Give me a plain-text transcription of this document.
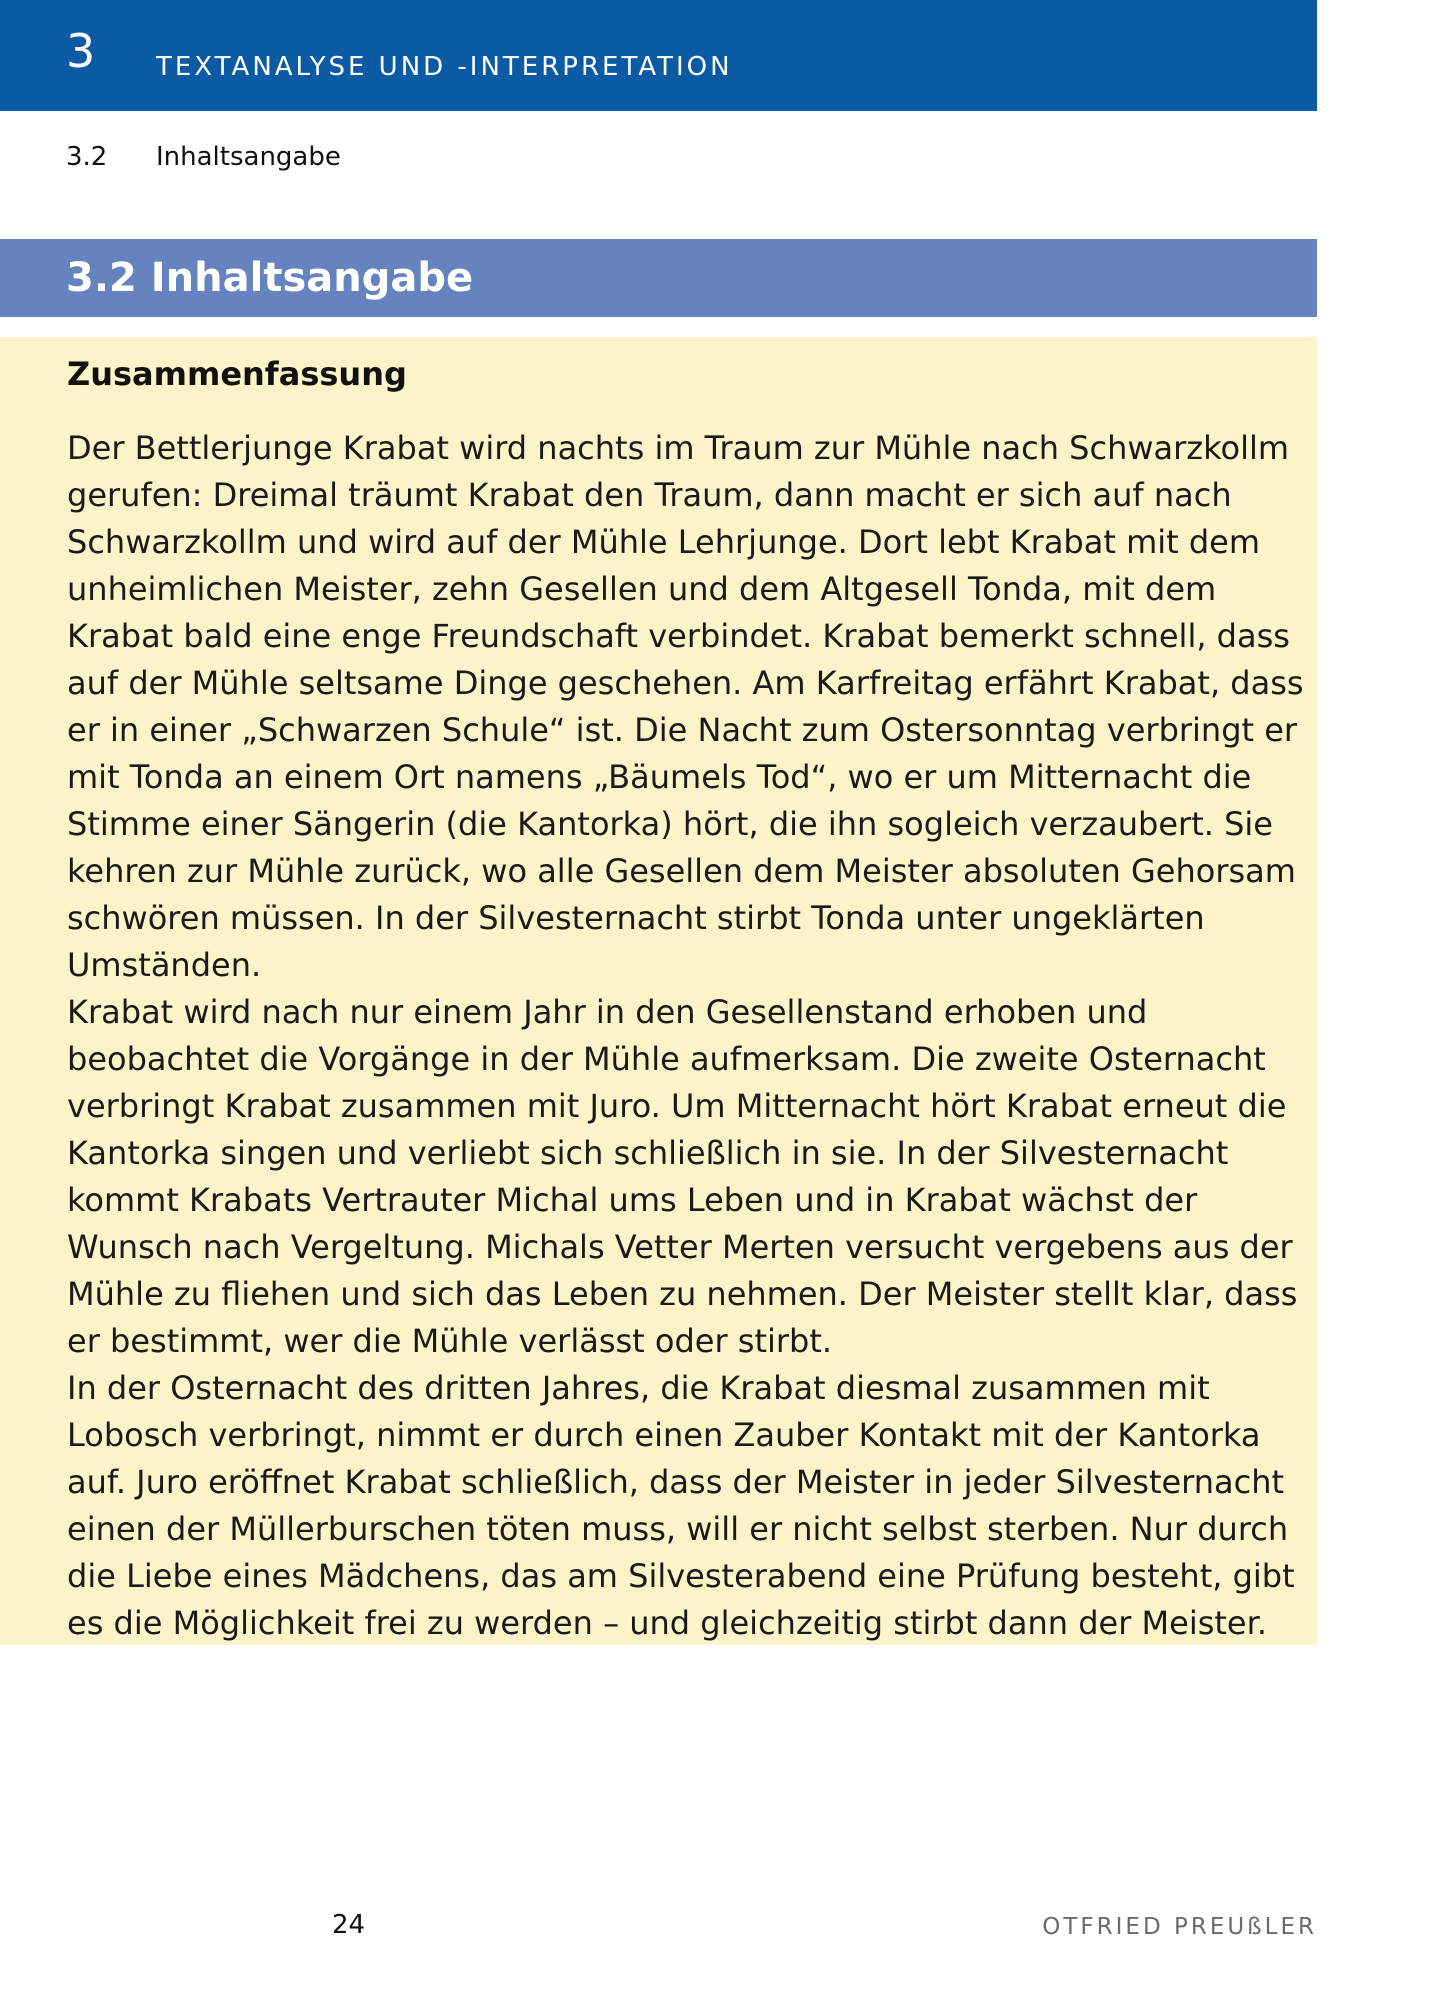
3 TEXTANALYSE UND -INTERPRETATION
3.2 Inhaltsangabe
3.2 Inhaltsangabe
Zusammenfassung

Der Bettlerjunge Krabat wird nachts im Traum zur Mühle nach Schwarzkollm gerufen: Dreimal träumt Krabat den Traum, dann macht er sich auf nach Schwarzkollm und wird auf der Mühle Lehrjunge. Dort lebt Krabat mit dem unheimlichen Meister, zehn Gesellen und dem Altgesell Tonda, mit dem Krabat bald eine enge Freundschaft verbindet. Krabat bemerkt schnell, dass auf der Mühle seltsame Dinge geschehen. Am Karfreitag erfährt Krabat, dass er in einer „Schwarzen Schule“ ist. Die Nacht zum Ostersonntag verbringt er mit Tonda an einem Ort namens „Bäumels Tod“, wo er um Mitternacht die Stimme einer Sängerin (die Kantorka) hört, die ihn sogleich verzaubert. Sie kehren zur Mühle zurück, wo alle Gesellen dem Meister absoluten Gehorsam schwören müssen. In der Silvesternacht stirbt Tonda unter ungeklärten Umständen.

Krabat wird nach nur einem Jahr in den Gesellenstand erhoben und beobachtet die Vorgänge in der Mühle aufmerksam. Die zweite Osternacht verbringt Krabat zusammen mit Juro. Um Mitternacht hört Krabat erneut die Kantorka singen und verliebt sich schließlich in sie. In der Silvesternacht kommt Krabats Vertrauter Michal ums Leben und in Krabat wächst der Wunsch nach Vergeltung. Michals Vetter Merten versucht vergebens aus der Mühle zu fliehen und sich das Leben zu nehmen. Der Meister stellt klar, dass er bestimmt, wer die Mühle verlässt oder stirbt.

In der Osternacht des dritten Jahres, die Krabat diesmal zusammen mit Lobosch verbringt, nimmt er durch einen Zauber Kontakt mit der Kantorka auf. Juro eröffnet Krabat schließlich, dass der Meister in jeder Silvesternacht einen der Müllerburschen töten muss, will er nicht selbst sterben. Nur durch die Liebe eines Mädchens, das am Silvesterabend eine Prüfung besteht, gibt es die Möglichkeit frei zu werden – und gleichzeitig stirbt dann der Meister.

24	OTFRIED PREUßLER
